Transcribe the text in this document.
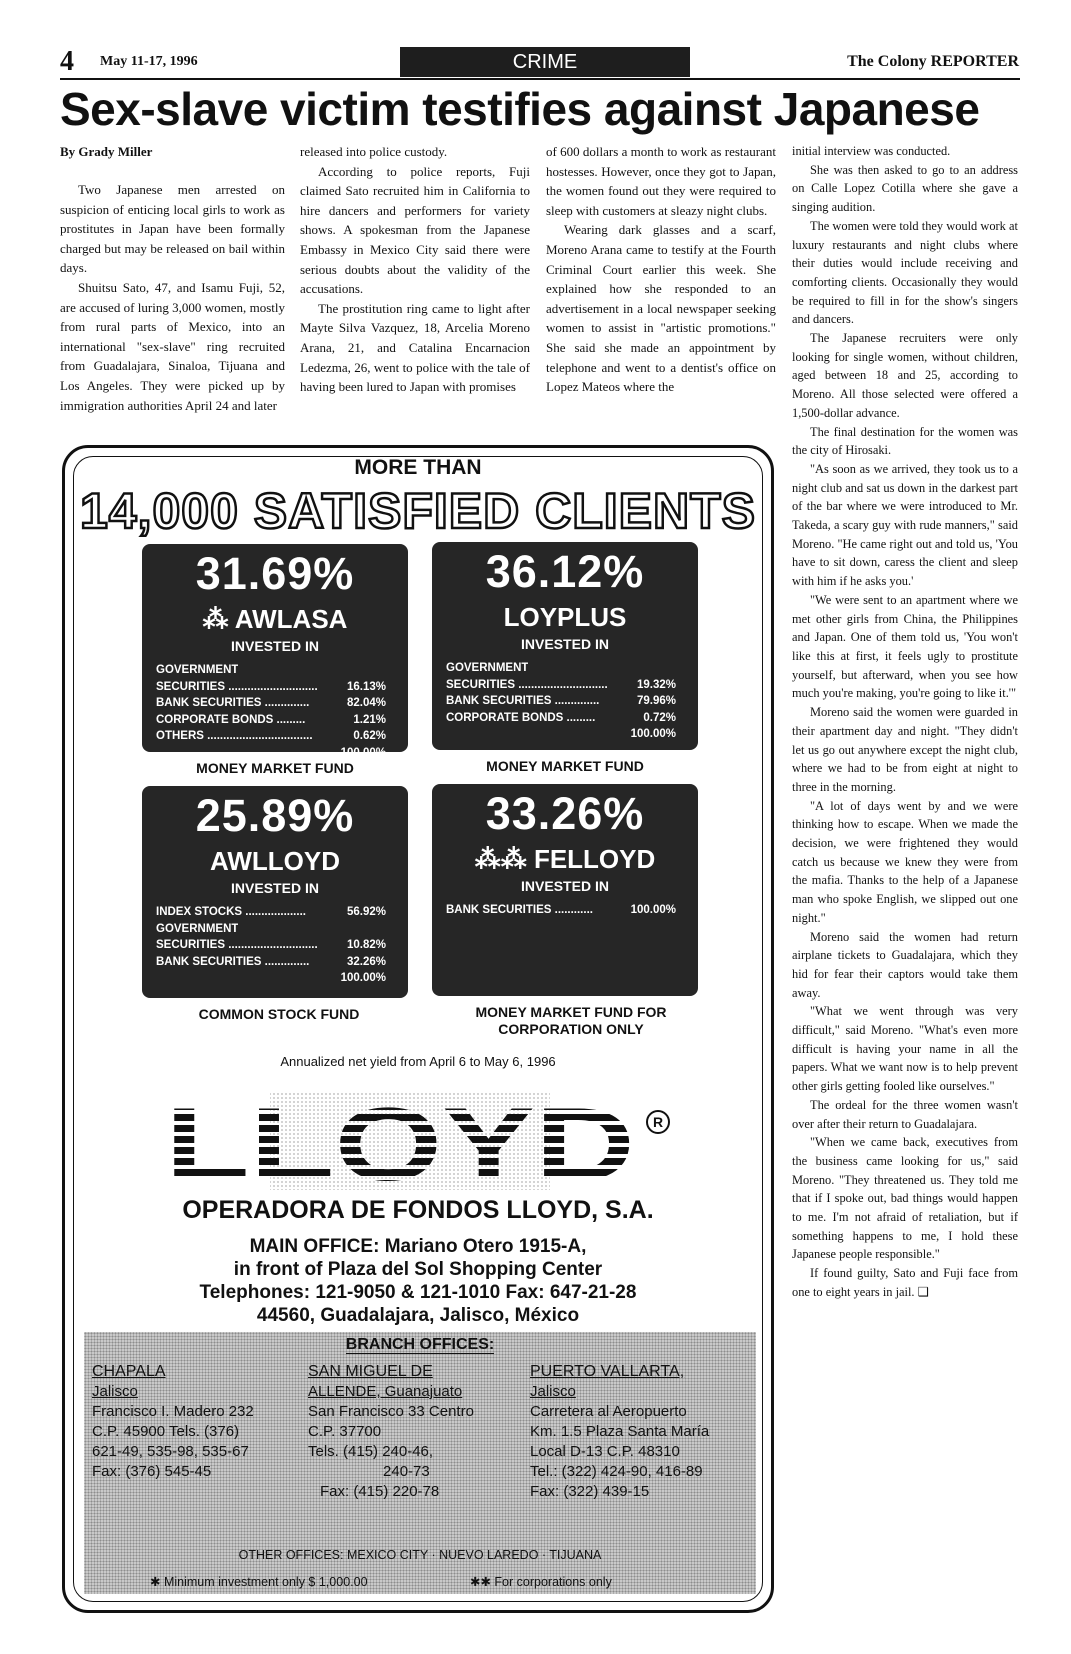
4 May 11-17, 1996	CRIME	The Colony REPORTER
Sex-slave victim testifies against Japanese
By Grady Miller

Two Japanese men arrested on suspicion of enticing local girls to work as prostitutes in Japan have been formally charged but may be released on bail within days.

Shuitsu Sato, 47, and Isamu Fuji, 52, are accused of luring 3,000 women, mostly from rural parts of Mexico, into an international "sex-slave" ring recruited from Guadalajara, Sinaloa, Tijuana and Los Angeles. They were picked up by immigration authorities April 24 and later

released into police custody.

According to police reports, Fuji claimed Sato recruited him in California to hire dancers and performers for variety shows. A spokesman from the Japanese Embassy in Mexico City said there were serious doubts about the validity of the accusations.

The prostitution ring came to light after Mayte Silva Vazquez, 18, Arcelia Moreno Arana, 21, and Catalina Encarnacion Ledezma, 26, went to police with the tale of having been lured to Japan with promises

of 600 dollars a month to work as restaurant hostesses. However, once they got to Japan, the women found out they were required to sleep with customers at sleazy night clubs.

Wearing dark glasses and a scarf, Moreno Arana came to testify at the Fourth Criminal Court earlier this week. She explained how she responded to an advertisement in a local newspaper seeking women to assist in "artistic promotions." She said she made an appointment by telephone and went to a dentist's office on Lopez Mateos where the

initial interview was conducted.

She was then asked to go to an address on Calle Lopez Cotilla where she gave a singing audition.

The women were told they would work at luxury restaurants and night clubs where their duties would include receiving and comforting clients. Occasionally they would be required to fill in for the show's singers and dancers.

The Japanese recruiters were only looking for single women, without children, aged between 18 and 25, according to Moreno. All those selected were offered a 1,500-dollar advance.

The final destination for the women was the city of Hirosaki.

"As soon as we arrived, they took us to a night club and sat us down in the darkest part of the bar where we were introduced to Mr. Takeda, a scary guy with rude manners," said Moreno. "He came right out and told us, 'You have to sit down, caress the client and sleep with him if he asks you.'

"We were sent to an apartment where we met other girls from China, the Philippines and Japan. One of them told us, 'You won't like this at first, it feels ugly to prostitute yourself, but afterward, when you see how much you're making, you're going to like it.'"

Moreno said the women were guarded in their apartment day and night. "They didn't let us go out anywhere except the night club, where we had to be from eight at night to three in the morning.

"A lot of days went by and we were thinking how to escape. When we made the decision, we were frightened they would catch us because we knew they were from the mafia. Thanks to the help of a Japanese man who spoke English, we slipped out one night."

Moreno said the women had return airplane tickets to Guadalajara, which they hid for fear their captors would take them away.

"What we went through was very difficult," said Moreno. "What's even more difficult is having your name in all the papers. What we want now is to help prevent other girls getting fooled like ourselves."

The ordeal for the three women wasn't over after their return to Guadalajara.

"When we came back, executives from the business came looking for us," said Moreno. "They threatened us. They told me that if I spoke out, bad things would happen to me. I'm not afraid of retaliation, but if something happens to me, I hold these Japanese people responsible."

If found guilty, Sato and Fuji face from one to eight years in jail. ❑

MORE THAN
14,000 SATISFIED CLIENTS
31.69%
⁂ AWLASA
INVESTED IN
GOVERNMENT
SECURITIES ............................	16.13%
BANK SECURITIES ..............	82.04%
CORPORATE BONDS .........	1.21%
OTHERS .................................	0.62%
100.00%
MONEY MARKET FUND
36.12%
LOYPLUS
INVESTED IN
GOVERNMENT
SECURITIES ............................	19.32%
BANK SECURITIES ..............	79.96%
CORPORATE BONDS .........	0.72%
100.00%
MONEY MARKET FUND
25.89%
AWLLOYD
INVESTED IN
INDEX STOCKS ...................	56.92%
GOVERNMENT
SECURITIES ............................	10.82%
BANK SECURITIES ..............	32.26%
100.00%
COMMON STOCK FUND
33.26%
⁂⁂ FELLOYD
INVESTED IN
BANK SECURITIES ............	100.00%
MONEY MARKET FUND FOR CORPORATION ONLY
Annualized net yield from April 6 to May 6, 1996
LLOYD	R
OPERADORA DE FONDOS LLOYD, S.A.
MAIN OFFICE: Mariano Otero 1915-A,
in front of Plaza del Sol Shopping Center
Telephones: 121-9050 & 121-1010 Fax: 647-21-28
44560, Guadalajara, Jalisco, México
BRANCH OFFICES:
CHAPALA
Jalisco
Francisco I. Madero 232
C.P. 45900 Tels. (376)
621-49, 535-98, 535-67
Fax: (376) 545-45
SAN MIGUEL DE
ALLENDE, Guanajuato
San Francisco 33 Centro
C.P. 37700
Tels. (415) 240-46,
240-73
Fax: (415) 220-78
PUERTO VALLARTA,
Jalisco
Carretera al Aeropuerto
Km. 1.5 Plaza Santa María
Local D-13 C.P. 48310
Tel.: (322) 424-90, 416-89
Fax: (322) 439-15
OTHER OFFICES: MEXICO CITY · NUEVO LAREDO · TIJUANA
✱ Minimum investment only $ 1,000.00	✱✱ For corporations only
